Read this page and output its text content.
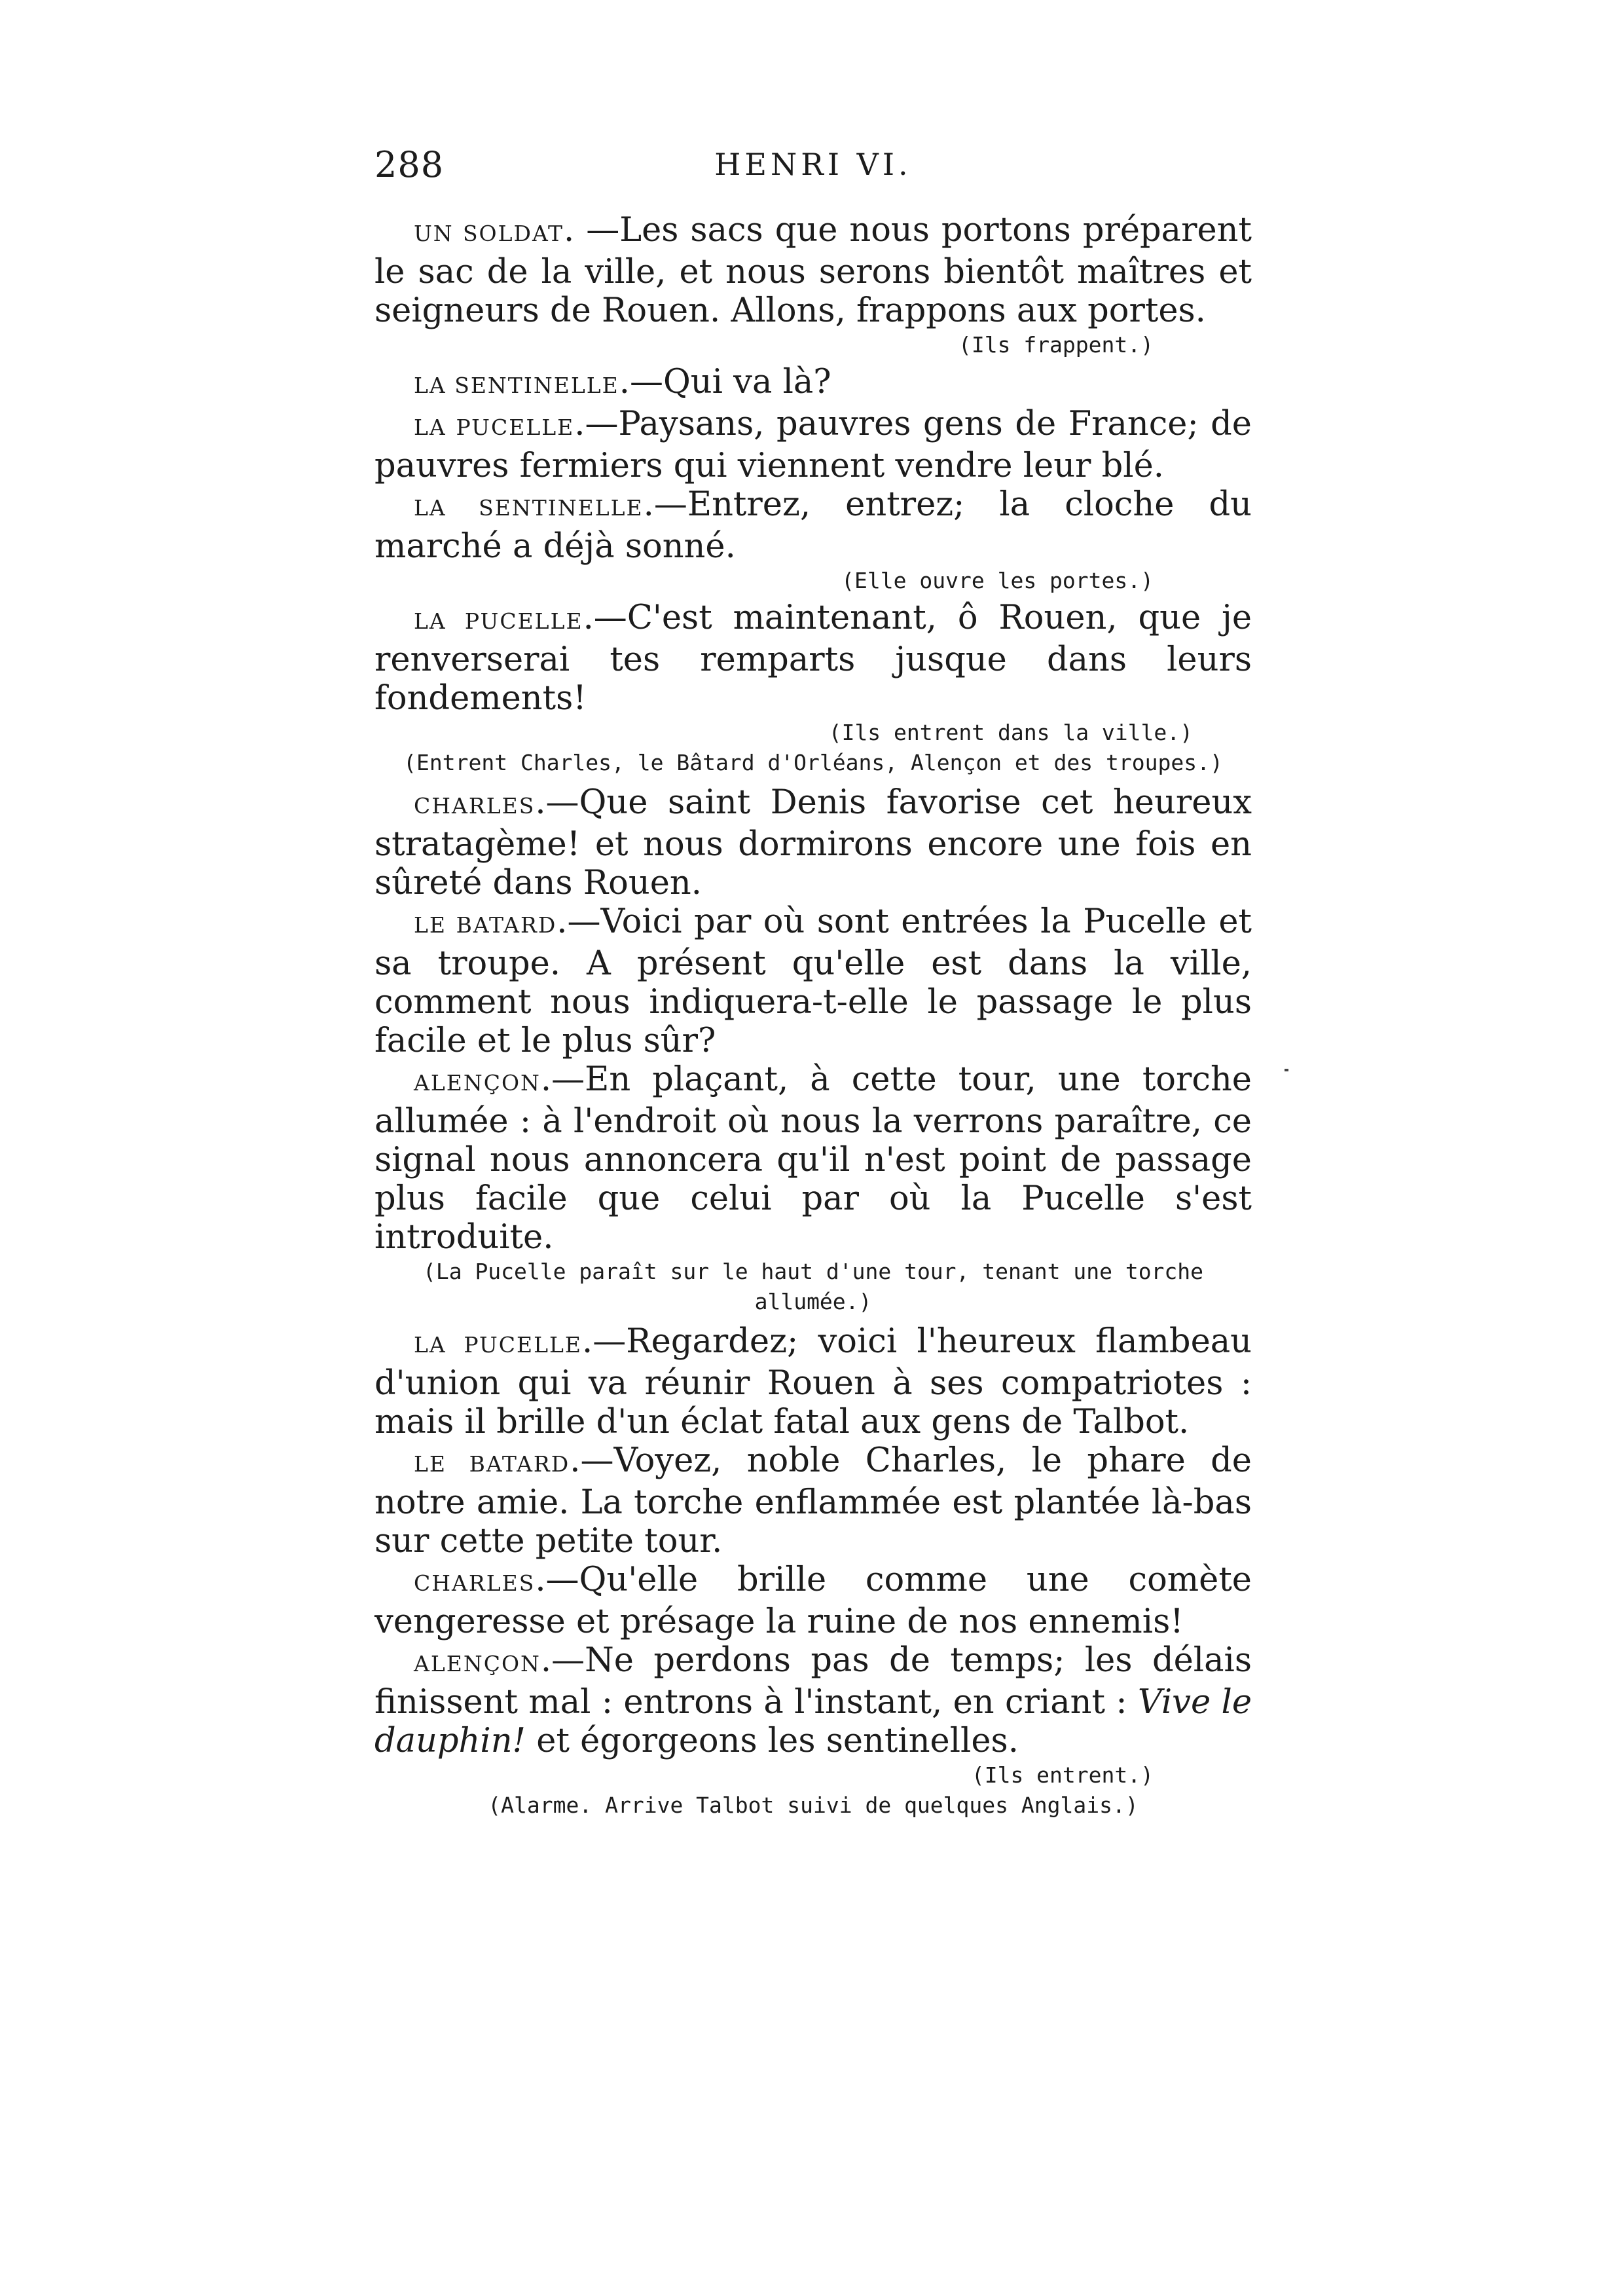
288	HENRI VI.

UN SOLDAT. —Les sacs que nous portons préparent le sac de la ville, et nous serons bientôt maîtres et seigneurs de Rouen. Allons, frappons aux portes.

(Ils frappent.)

LA SENTINELLE.—Qui va là?

LA PUCELLE.—Paysans, pauvres gens de France; de pauvres fermiers qui viennent vendre leur blé.

LA SENTINELLE.—Entrez, entrez; la cloche du marché a déjà sonné.

(Elle ouvre les portes.)

LA PUCELLE.—C'est maintenant, ô Rouen, que je renverserai tes remparts jusque dans leurs fondements!

(Ils entrent dans la ville.)

(Entrent Charles, le Bâtard d'Orléans, Alençon et des troupes.)

CHARLES.—Que saint Denis favorise cet heureux stratagème! et nous dormirons encore une fois en sûreté dans Rouen.

LE BATARD.—Voici par où sont entrées la Pucelle et sa troupe. A présent qu'elle est dans la ville, comment nous indiquera-t-elle le passage le plus facile et le plus sûr?

ALENÇON.—En plaçant, à cette tour, une torche allumée : à l'endroit où nous la verrons paraître, ce signal nous annoncera qu'il n'est point de passage plus facile que celui par où la Pucelle s'est introduite.

(La Pucelle paraît sur le haut d'une tour, tenant une torche allumée.)

LA PUCELLE.—Regardez; voici l'heureux flambeau d'union qui va réunir Rouen à ses compatriotes : mais il brille d'un éclat fatal aux gens de Talbot.

LE BATARD.—Voyez, noble Charles, le phare de notre amie. La torche enflammée est plantée là-bas sur cette petite tour.

CHARLES.—Qu'elle brille comme une comète vengeresse et présage la ruine de nos ennemis!

ALENÇON.—Ne perdons pas de temps; les délais finissent mal : entrons à l'instant, en criant : Vive le dauphin! et égorgeons les sentinelles.

(Ils entrent.)

(Alarme. Arrive Talbot suivi de quelques Anglais.)
